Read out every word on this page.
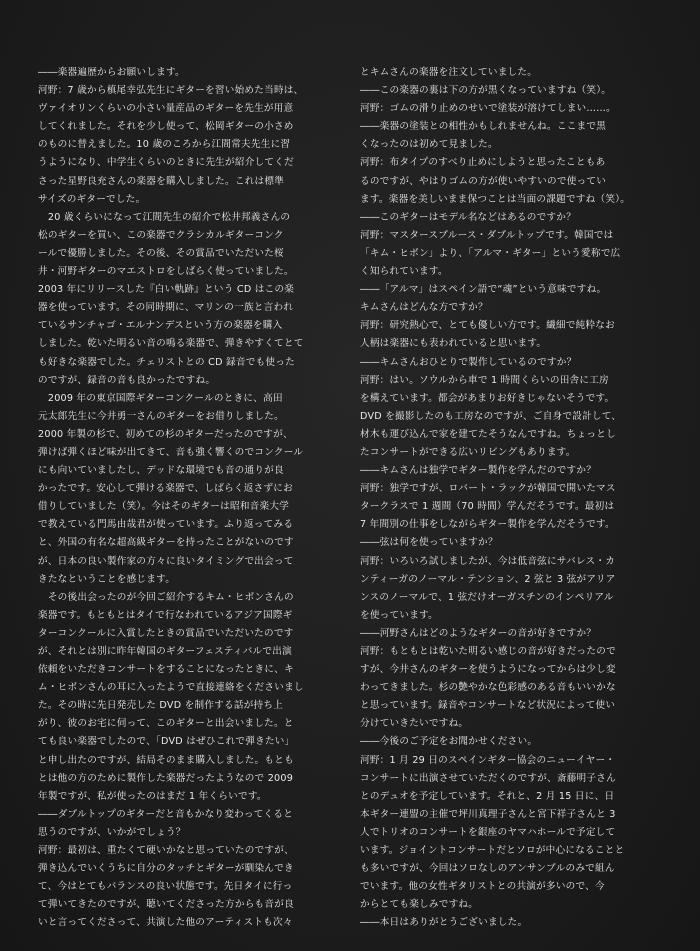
――楽器遍歴からお願いします。
河野：7 歳から槙尾幸弘先生にギターを習い始めた当時は、
ヴァイオリンくらいの小さい量産品のギターを先生が用意
してくれました。それを少し使って、松岡ギターの小さめ
のものに替えました。10 歳のころから江間常夫先生に習
うようになり、中学生くらいのときに先生が紹介してくだ
さった星野良充さんの楽器を購入しました。これは標準
サイズのギターでした。
　20 歳くらいになって江間先生の紹介で松井邦義さんの
松のギターを買い、この楽器でクラシカルギターコンク
ールで優勝しました。その後、その賞品でいただいた桜
井・河野ギターのマエストロをしばらく使っていました。
2003 年にリリースした『白い軌跡』という CD はこの楽
器を使っています。その同時期に、マリンの一族と言われ
ているサンチャゴ・エルナンデスという方の楽器を購入
しました。乾いた明るい音の鳴る楽器で、弾きやすくてとて
も好きな楽器でした。チェリストとの CD 録音でも使った
のですが、録音の音も良かったですね。
　2009 年の東京国際ギターコンクールのときに、高田
元太郎先生に今井勇一さんのギターをお借りしました。
2000 年製の杉で、初めての杉のギターだったのですが、
弾けば弾くほど味が出てきて、音も強く響くのでコンクール
にも向いていましたし、デッドな環境でも音の通りが良
かったです。安心して弾ける楽器で、しばらく返さずにお
借りしていました（笑）。今はそのギターは昭和音楽大学
で教えている門馬由哉君が使っています。ふり返ってみる
と、外国の有名な超高級ギターを持ったことがないのです
が、日本の良い製作家の方々に良いタイミングで出会って
きたなということを感じます。
　その後出会ったのが今回ご紹介するキム・ヒボンさんの
楽器です。もともとはタイで行なわれているアジア国際ギ
ターコンクールに入賞したときの賞品でいただいたのです
が、それとは別に昨年韓国のギターフェスティバルで出演
依頼をいただきコンサートをすることになったときに、キ
ム・ヒボンさんの耳に入ったようで直接連絡をくださいまし
た。その時に先日発売した DVD を制作する話が持ち上
がり、彼のお宅に伺って、このギターと出会いました。と
ても良い楽器でしたので、「DVD はぜひこれで弾きたい」
と申し出たのですが、結局そのまま購入しました。もとも
とは他の方のために製作した楽器だったようなので 2009
年製ですが、私が使ったのはまだ 1 年くらいです。
――ダブルトップのギターだと音もかなり変わってくると
思うのですが、いかがでしょう？
河野：最初は、重たくて硬いかなと思っていたのですが、
弾き込んでいくうちに自分のタッチとギターが馴染んでき
て、今はとてもバランスの良い状態です。先日タイに行っ
て弾いてきたのですが、聴いてくださった方からも音が良
いと言ってくださって、共演した他のアーティストも次々
とキムさんの楽器を注文していました。
――この楽器の裏は下の方が黒くなっていますね（笑）。
河野：ゴムの滑り止めのせいで塗装が溶けてしまい……。
――楽器の塗装との相性かもしれませんね。ここまで黒
くなったのは初めて見ました。
河野：布タイプのすべり止めにしようと思ったこともあ
るのですが、やはりゴムの方が使いやすいので使ってい
ます。楽器を美しいまま保つことは当面の課題ですね（笑）。
――このギターはモデル名などはあるのですか？
河野：マスタースブルース・ダブルトップです。韓国では
「キム・ヒボン」より、「アルマ・ギター」という愛称で広
く知られています。
――「アルマ」はスペイン語で“魂”という意味ですね。
キムさんはどんな方ですか？
河野：研究熱心で、とても優しい方です。繊細で純粋なお
人柄は楽器にも表われていると思います。
――キムさんおひとりで製作しているのですか？
河野：はい。ソウルから車で 1 時間くらいの田舎に工房
を構えています。都会があまりお好きじゃないそうです。
DVD を撮影したのも工房なのですが、ご自身で設計して、
材木も運び込んで家を建てたそうなんですね。ちょっとし
たコンサートができる広いリビングもあります。
――キムさんは独学でギター製作を学んだのですか？
河野：独学ですが、ロバート・ラックが韓国で開いたマス
タークラスで 1 週間（70 時間）学んだそうです。最初は
7 年間別の仕事をしながらギター製作を学んだそうです。
――弦は何を使っていますか？
河野：いろいろ試しましたが、今は低音弦にサバレス・カ
ンティーガのノーマル・テンション、2 弦と 3 弦がアリア
ンスのノーマルで、1 弦だけオーガスチンのインペリアル
を使っています。
――河野さんはどのようなギターの音が好きですか？
河野：もともとは乾いた明るい感じの音が好きだったので
すが、今井さんのギターを使うようになってからは少し変
わってきました。杉の艶やかな色彩感のある音もいいかな
と思っています。録音やコンサートなど状況によって使い
分けていきたいですね。
――今後のご予定をお聞かせください。
河野：1 月 29 日のスペインギター協会のニューイヤー・
コンサートに出演させていただくのですが、斎藤明子さん
とのデュオを予定しています。それと、2 月 15 日に、日
本ギター連盟の主催で坪川真理子さんと宮下祥子さんと 3
人でトリオのコンサートを銀座のヤマハホールで予定して
います。ジョイントコンサートだとソロが中心になることと
も多いですが、今回はソロなしのアンサンブルのみで組ん
でいます。他の女性ギタリストとの共演が多いので、今
からとても楽しみですね。
――本日はありがとうございました。
